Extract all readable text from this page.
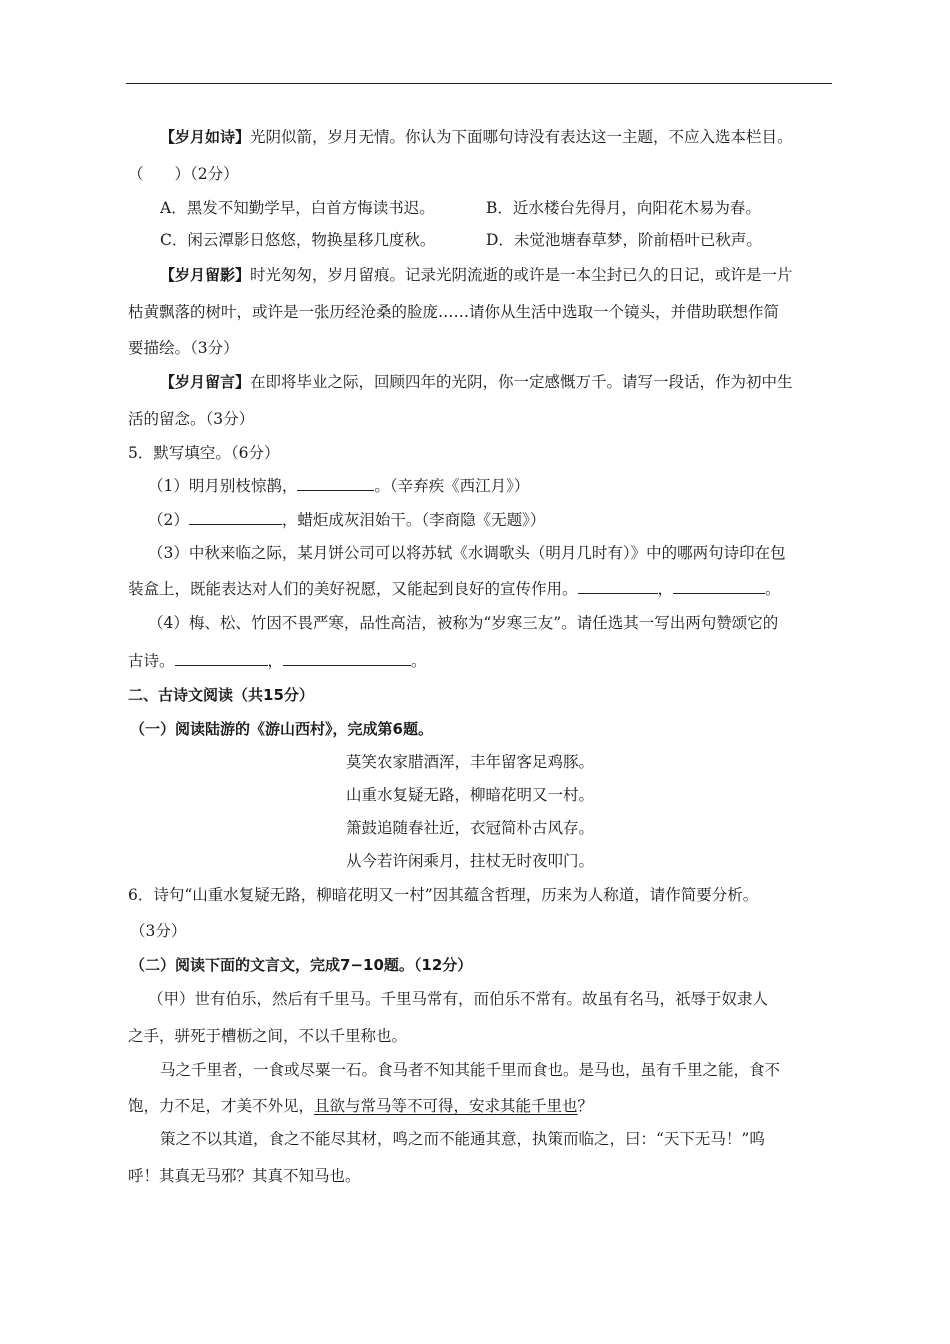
【岁月如诗】光阴似箭，岁月无情。你认为下面哪句诗没有表达这一主题，不应入选本栏目。
（　　）（2分）
A．黑发不知勤学早，白首方悔读书迟。	B．近水楼台先得月，向阳花木易为春。
C．闲云潭影日悠悠，物换星移几度秋。	D．未觉池塘春草梦，阶前梧叶已秋声。
【岁月留影】时光匆匆，岁月留痕。记录光阴流逝的或许是一本尘封已久的日记，或许是一片
枯黄飘落的树叶，或许是一张历经沧桑的脸庞……请你从生活中选取一个镜头，并借助联想作简
要描绘。（3分）
【岁月留言】在即将毕业之际，回顾四年的光阴，你一定感慨万千。请写一段话，作为初中生
活的留念。（3分）
5．默写填空。（6分）
（1）明月别枝惊鹊，	。（辛弃疾《西江月》）
（2）	，蜡炬成灰泪始干。（李商隐《无题》）
（3）中秋来临之际，某月饼公司可以将苏轼《水调歌头（明月几时有）》中的哪两句诗印在包
装盒上，既能表达对人们的美好祝愿，又能起到良好的宣传作用。	，	。
（4）梅、松、竹因不畏严寒，品性高洁，被称为“岁寒三友”。请任选其一写出两句赞颂它的
古诗。	，	。
二、古诗文阅读（共15分）
（一）阅读陆游的《游山西村》，完成第6题。
莫笑农家腊酒浑，丰年留客足鸡豚。
山重水复疑无路，柳暗花明又一村。
箫鼓追随春社近，衣冠简朴古风存。
从今若许闲乘月，拄杖无时夜叩门。
6．诗句“山重水复疑无路，柳暗花明又一村”因其蕴含哲理，历来为人称道，请作简要分析。
（3分）
（二）阅读下面的文言文，完成7−10题。（12分）
（甲）世有伯乐，然后有千里马。千里马常有，而伯乐不常有。故虽有名马，祇辱于奴隶人
之手，骈死于槽枥之间，不以千里称也。
马之千里者，一食或尽粟一石。食马者不知其能千里而食也。是马也，虽有千里之能，食不
饱，力不足，才美不外见，且欲与常马等不可得，安求其能千里也？
策之不以其道，食之不能尽其材，鸣之而不能通其意，执策而临之，曰：“天下无马！”呜
呼！其真无马邪？其真不知马也。
